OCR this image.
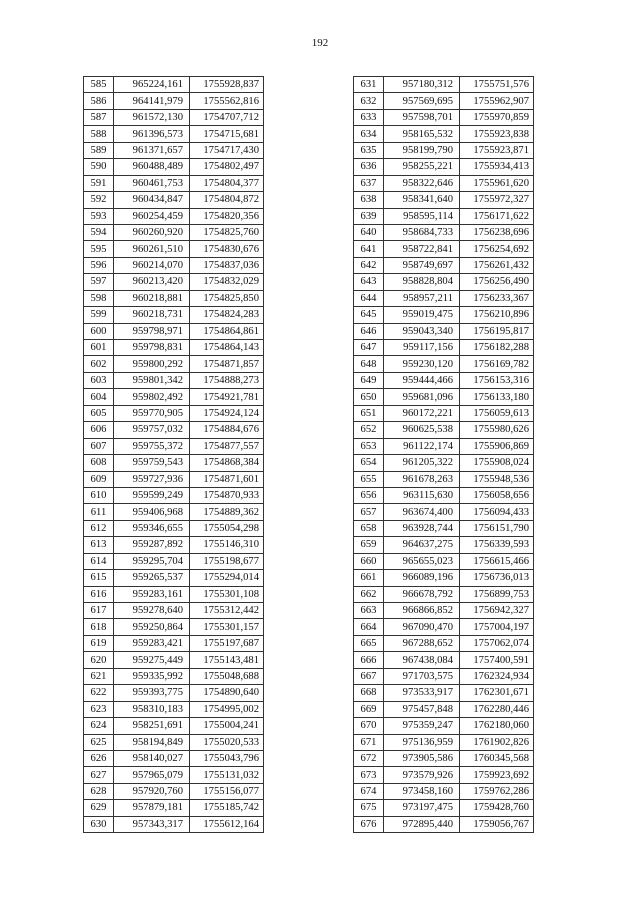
192
585	965224,161	1755928,837
586	964141,979	1755562,816
587	961572,130	1754707,712
588	961396,573	1754715,681
589	961371,657	1754717,430
590	960488,489	1754802,497
591	960461,753	1754804,377
592	960434,847	1754804,872
593	960254,459	1754820,356
594	960260,920	1754825,760
595	960261,510	1754830,676
596	960214,070	1754837,036
597	960213,420	1754832,029
598	960218,881	1754825,850
599	960218,731	1754824,283
600	959798,971	1754864,861
601	959798,831	1754864,143
602	959800,292	1754871,857
603	959801,342	1754888,273
604	959802,492	1754921,781
605	959770,905	1754924,124
606	959757,032	1754884,676
607	959755,372	1754877,557
608	959759,543	1754868,384
609	959727,936	1754871,601
610	959599,249	1754870,933
611	959406,968	1754889,362
612	959346,655	1755054,298
613	959287,892	1755146,310
614	959295,704	1755198,677
615	959265,537	1755294,014
616	959283,161	1755301,108
617	959278,640	1755312,442
618	959250,864	1755301,157
619	959283,421	1755197,687
620	959275,449	1755143,481
621	959335,992	1755048,688
622	959393,775	1754890,640
623	958310,183	1754995,002
624	958251,691	1755004,241
625	958194,849	1755020,533
626	958140,027	1755043,796
627	957965,079	1755131,032
628	957920,760	1755156,077
629	957879,181	1755185,742
630	957343,317	1755612,164
631	957180,312	1755751,576
632	957569,695	1755962,907
633	957598,701	1755970,859
634	958165,532	1755923,838
635	958199,790	1755923,871
636	958255,221	1755934,413
637	958322,646	1755961,620
638	958341,640	1755972,327
639	958595,114	1756171,622
640	958684,733	1756238,696
641	958722,841	1756254,692
642	958749,697	1756261,432
643	958828,804	1756256,490
644	958957,211	1756233,367
645	959019,475	1756210,896
646	959043,340	1756195,817
647	959117,156	1756182,288
648	959230,120	1756169,782
649	959444,466	1756153,316
650	959681,096	1756133,180
651	960172,221	1756059,613
652	960625,538	1755980,626
653	961122,174	1755906,869
654	961205,322	1755908,024
655	961678,263	1755948,536
656	963115,630	1756058,656
657	963674,400	1756094,433
658	963928,744	1756151,790
659	964637,275	1756339,593
660	965655,023	1756615,466
661	966089,196	1756736,013
662	966678,792	1756899,753
663	966866,852	1756942,327
664	967090,470	1757004,197
665	967288,652	1757062,074
666	967438,084	1757400,591
667	971703,575	1762324,934
668	973533,917	1762301,671
669	975457,848	1762280,446
670	975359,247	1762180,060
671	975136,959	1761902,826
672	973905,586	1760345,568
673	973579,926	1759923,692
674	973458,160	1759762,286
675	973197,475	1759428,760
676	972895,440	1759056,767
